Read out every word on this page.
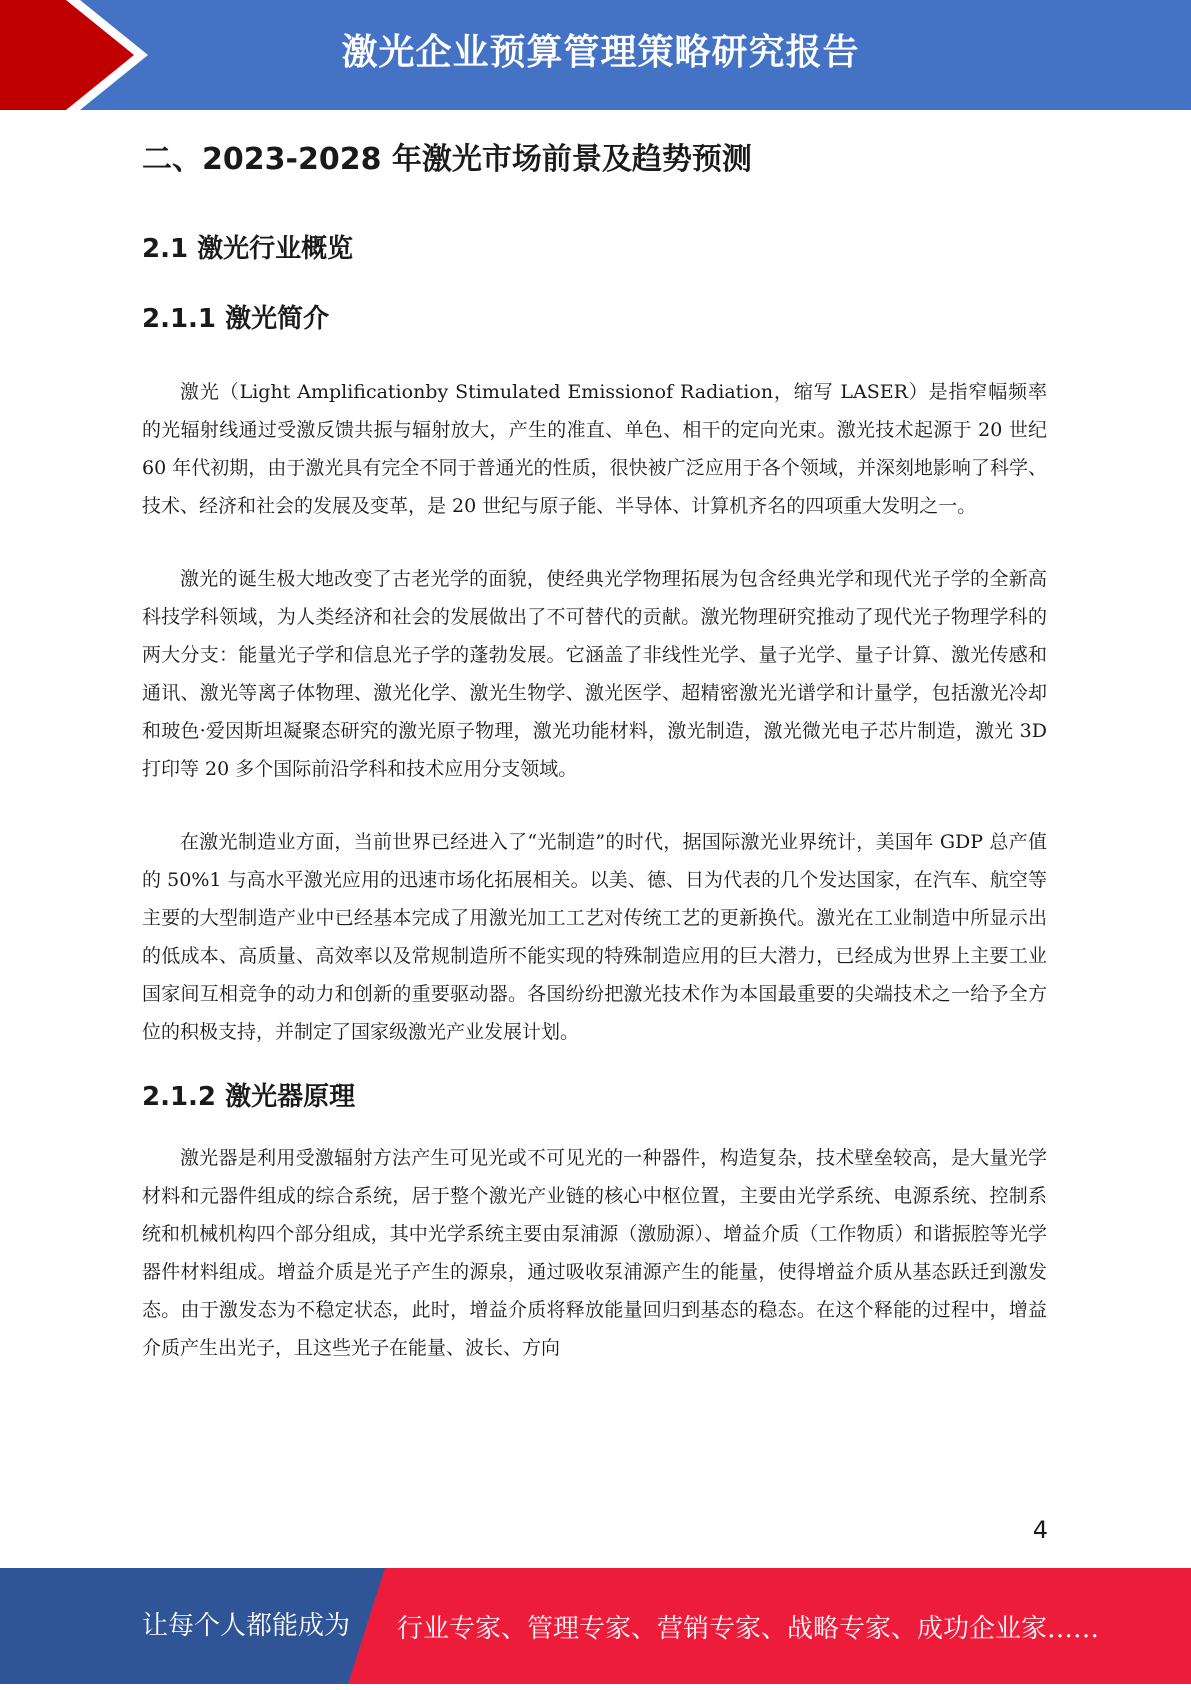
激光企业预算管理策略研究报告
二、2023-2028 年激光市场前景及趋势预测
2.1 激光行业概览
2.1.1 激光简介

激光（Light Amplificationby Stimulated Emissionof Radiation，缩写 LASER）是指窄幅频率的光辐射线通过受激反馈共振与辐射放大，产生的准直、单色、相干的定向光束。激光技术起源于 20 世纪 60 年代初期，由于激光具有完全不同于普通光的性质，很快被广泛应用于各个领域，并深刻地影响了科学、技术、经济和社会的发展及变革，是 20 世纪与原子能、半导体、计算机齐名的四项重大发明之一。

激光的诞生极大地改变了古老光学的面貌，使经典光学物理拓展为包含经典光学和现代光子学的全新高科技学科领域，为人类经济和社会的发展做出了不可替代的贡献。激光物理研究推动了现代光子物理学科的两大分支：能量光子学和信息光子学的蓬勃发展。它涵盖了非线性光学、量子光学、量子计算、激光传感和通讯、激光等离子体物理、激光化学、激光生物学、激光医学、超精密激光光谱学和计量学，包括激光冷却和玻色·爱因斯坦凝聚态研究的激光原子物理，激光功能材料，激光制造，激光微光电子芯片制造，激光 3D 打印等 20 多个国际前沿学科和技术应用分支领域。

在激光制造业方面，当前世界已经进入了“光制造”的时代，据国际激光业界统计，美国年 GDP 总产值的 50%1 与高水平激光应用的迅速市场化拓展相关。以美、德、日为代表的几个发达国家，在汽车、航空等主要的大型制造产业中已经基本完成了用激光加工工艺对传统工艺的更新换代。激光在工业制造中所显示出的低成本、高质量、高效率以及常规制造所不能实现的特殊制造应用的巨大潜力，已经成为世界上主要工业国家间互相竞争的动力和创新的重要驱动器。各国纷纷把激光技术作为本国最重要的尖端技术之一给予全方位的积极支持，并制定了国家级激光产业发展计划。

2.1.2 激光器原理

激光器是利用受激辐射方法产生可见光或不可见光的一种器件，构造复杂，技术壁垒较高，是大量光学材料和元器件组成的综合系统，居于整个激光产业链的核心中枢位置，主要由光学系统、电源系统、控制系统和机械机构四个部分组成，其中光学系统主要由泵浦源（激励源）、增益介质（工作物质）和谐振腔等光学器件材料组成。增益介质是光子产生的源泉，通过吸收泵浦源产生的能量，使得增益介质从基态跃迁到激发态。由于激发态为不稳定状态，此时，增益介质将释放能量回归到基态的稳态。在这个释能的过程中，增益介质产生出光子，且这些光子在能量、波长、方向

4
让每个人都能成为 行业专家、管理专家、营销专家、战略专家、成功企业家……
